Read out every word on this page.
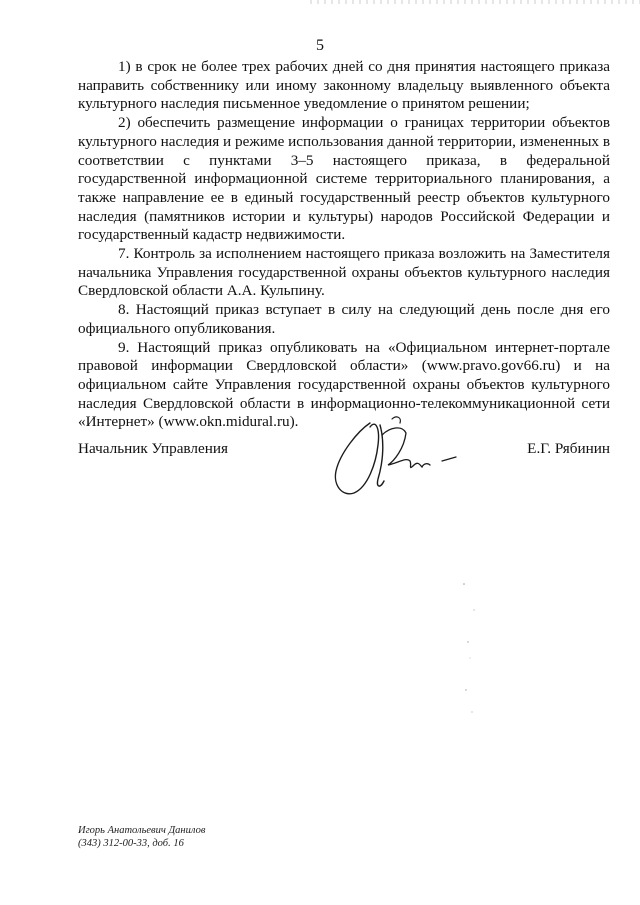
5

1) в срок не более трех рабочих дней со дня принятия настоящего приказа направить собственнику или иному законному владельцу выявленного объекта культурного наследия письменное уведомление о принятом решении;

2) обеспечить размещение информации о границах территории объектов культурного наследия и режиме использования данной территории, измененных в соответствии с пунктами 3–5 настоящего приказа, в федеральной государственной информационной системе территориального планирования, а также направление ее в единый государственный реестр объектов культурного наследия (памятников истории и культуры) народов Российской Федерации и государственный кадастр недвижимости.

7. Контроль за исполнением настоящего приказа возложить на Заместителя начальника Управления государственной охраны объектов культурного наследия Свердловской области А.А. Кульпину.

8. Настоящий приказ вступает в силу на следующий день после дня его официального опубликования.

9. Настоящий приказ опубликовать на «Официальном интернет-портале правовой информации Свердловской области» (www.pravo.gov66.ru) и на официальном сайте Управления государственной охраны объектов культурного наследия Свердловской области в информационно-телекоммуникационной сети «Интернет» (www.okn.midural.ru).

Начальник Управления	Е.Г. Рябинин
Игорь Анатольевич Данилов
(343) 312-00-33, доб. 16
